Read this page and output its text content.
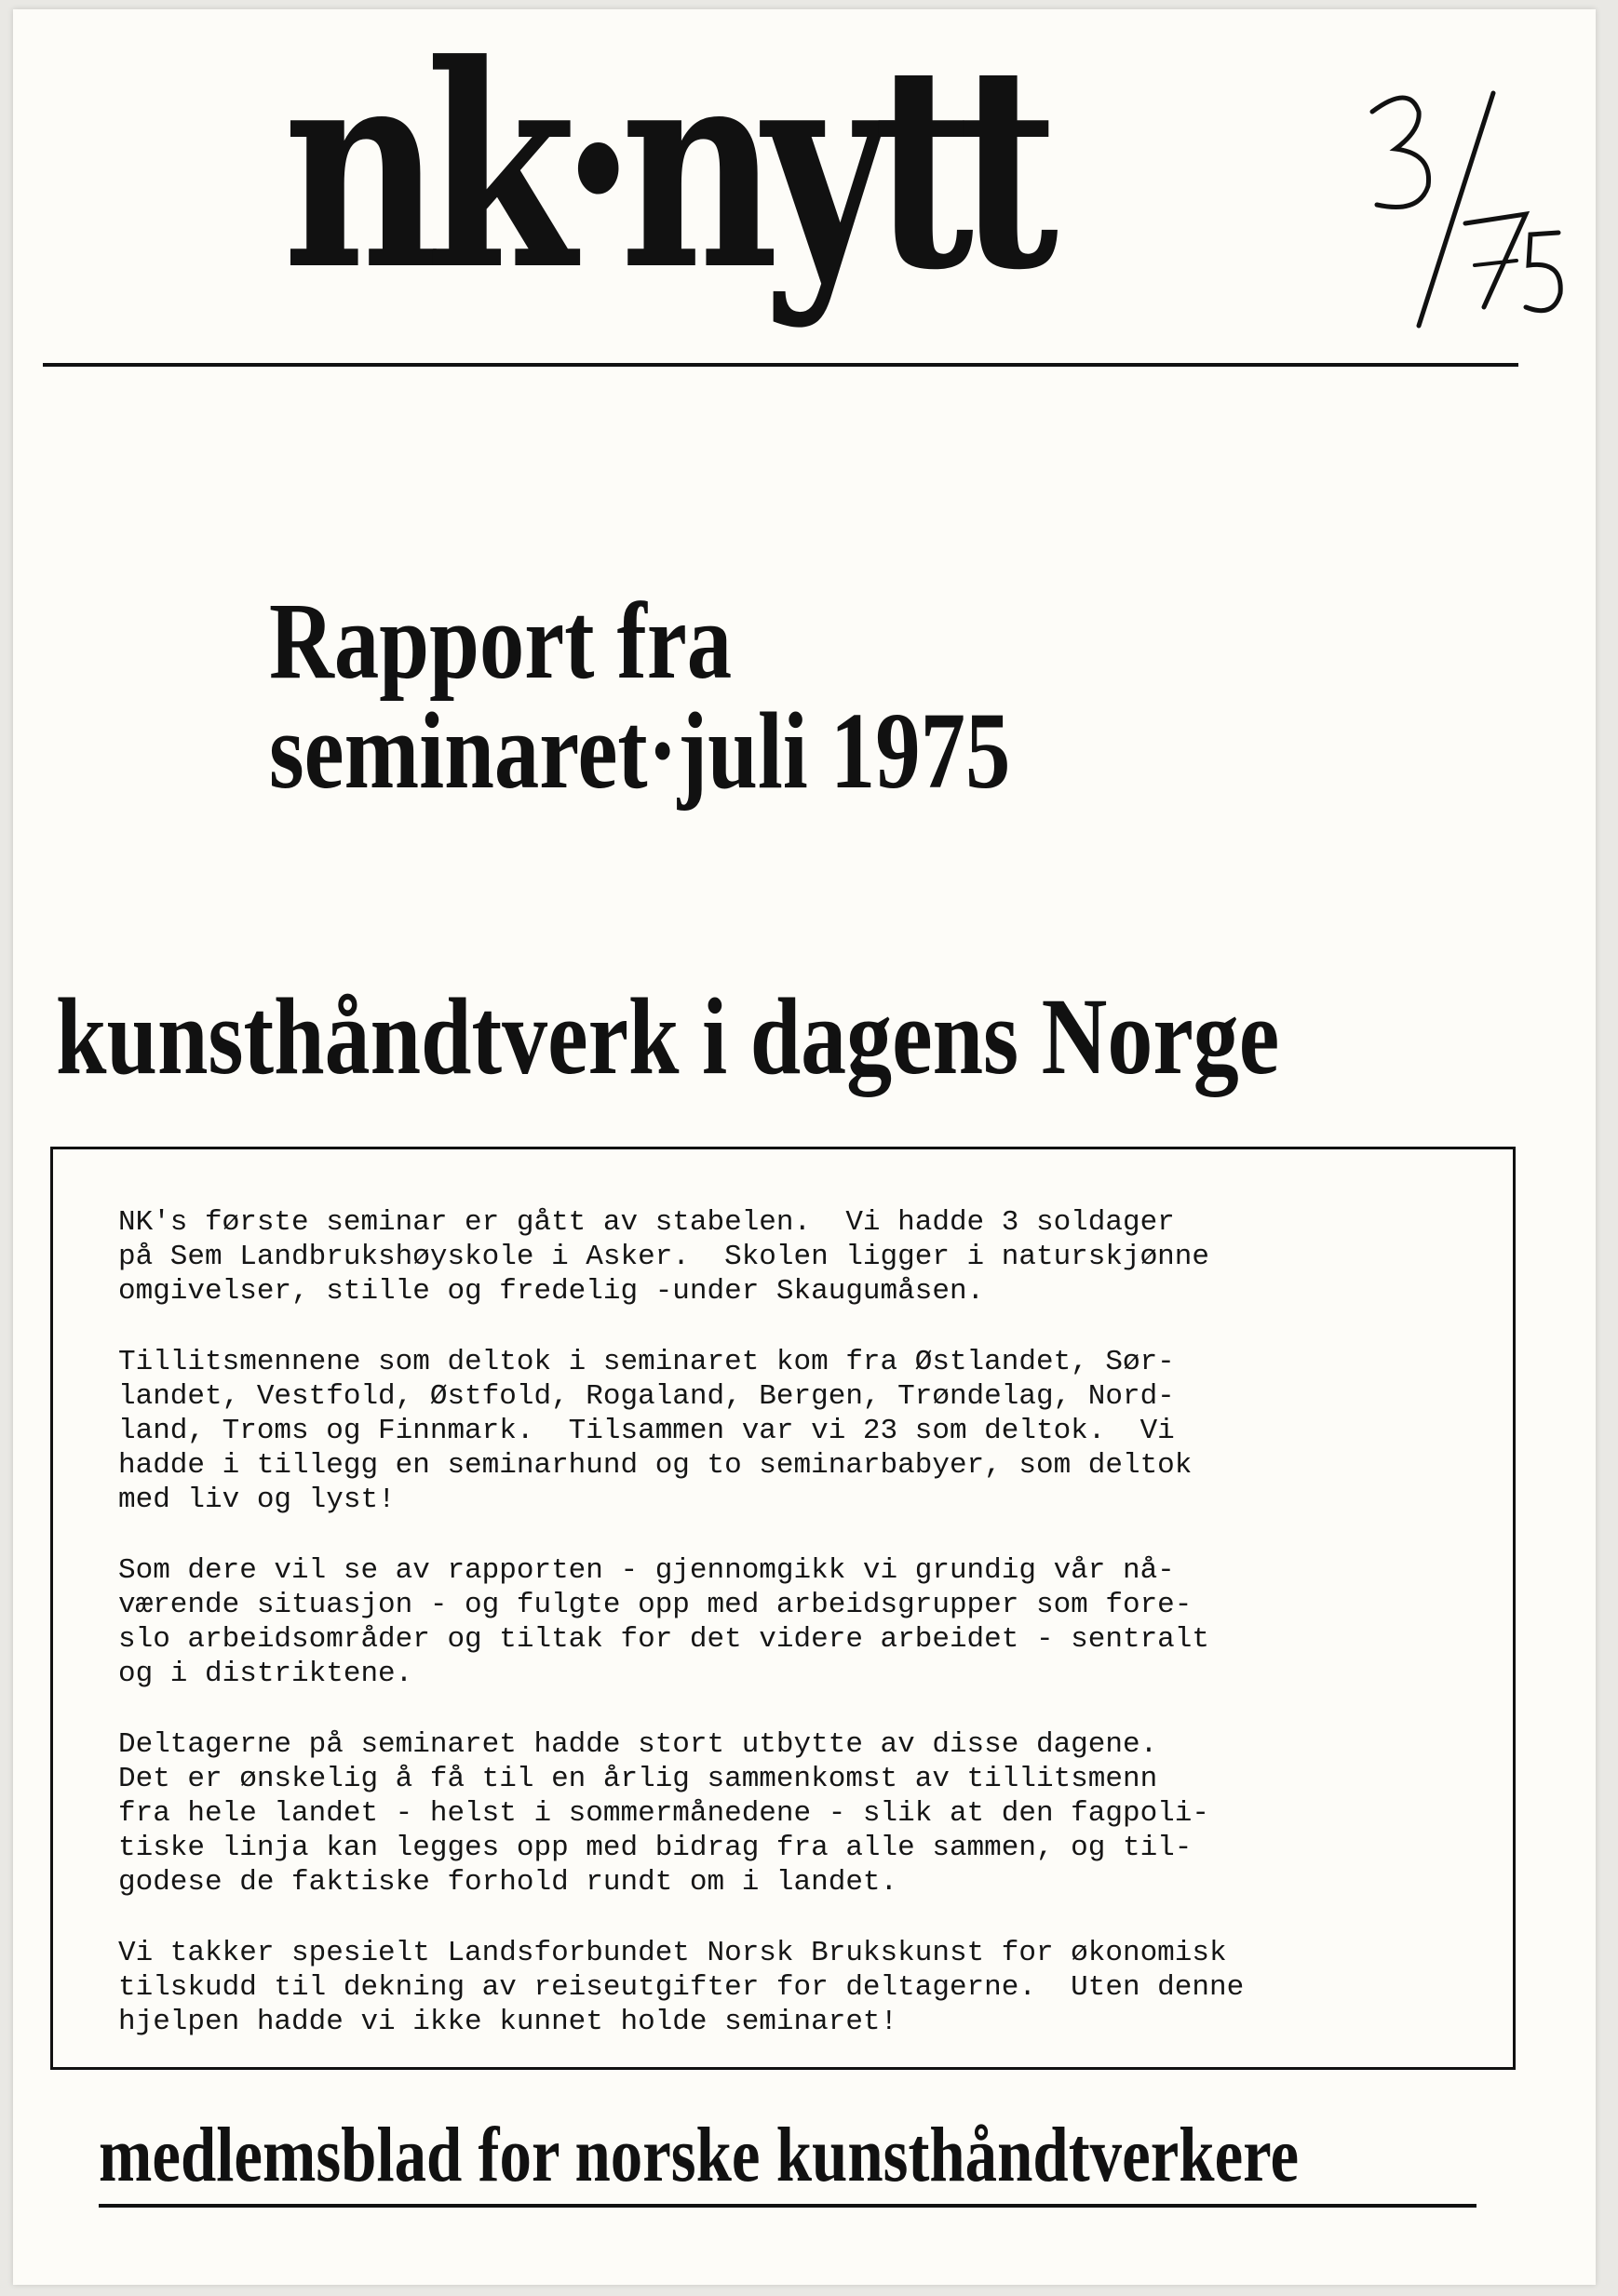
nk·nytt
Rapport fra
seminaret·juli 1975
kunsthåndtverk i dagens Norge

NK's første seminar er gått av stabelen.  Vi hadde 3 soldager
på Sem Landbrukshøyskole i Asker.  Skolen ligger i naturskjønne
omgivelser, stille og fredelig -under Skaugumåsen.

Tillitsmennene som deltok i seminaret kom fra Østlandet, Sør-
landet, Vestfold, Østfold, Rogaland, Bergen, Trøndelag, Nord-
land, Troms og Finnmark.  Tilsammen var vi 23 som deltok.  Vi
hadde i tillegg en seminarhund og to seminarbabyer, som deltok
med liv og lyst!

Som dere vil se av rapporten - gjennomgikk vi grundig vår nå-
værende situasjon - og fulgte opp med arbeidsgrupper som fore-
slo arbeidsområder og tiltak for det videre arbeidet - sentralt
og i distriktene.

Deltagerne på seminaret hadde stort utbytte av disse dagene.
Det er ønskelig å få til en årlig sammenkomst av tillitsmenn
fra hele landet - helst i sommermånedene - slik at den fagpoli-
tiske linja kan legges opp med bidrag fra alle sammen, og til-
godese de faktiske forhold rundt om i landet.

Vi takker spesielt Landsforbundet Norsk Brukskunst for økonomisk
tilskudd til dekning av reiseutgifter for deltagerne.  Uten denne
hjelpen hadde vi ikke kunnet holde seminaret!

medlemsblad for norske kunsthåndtverkere
